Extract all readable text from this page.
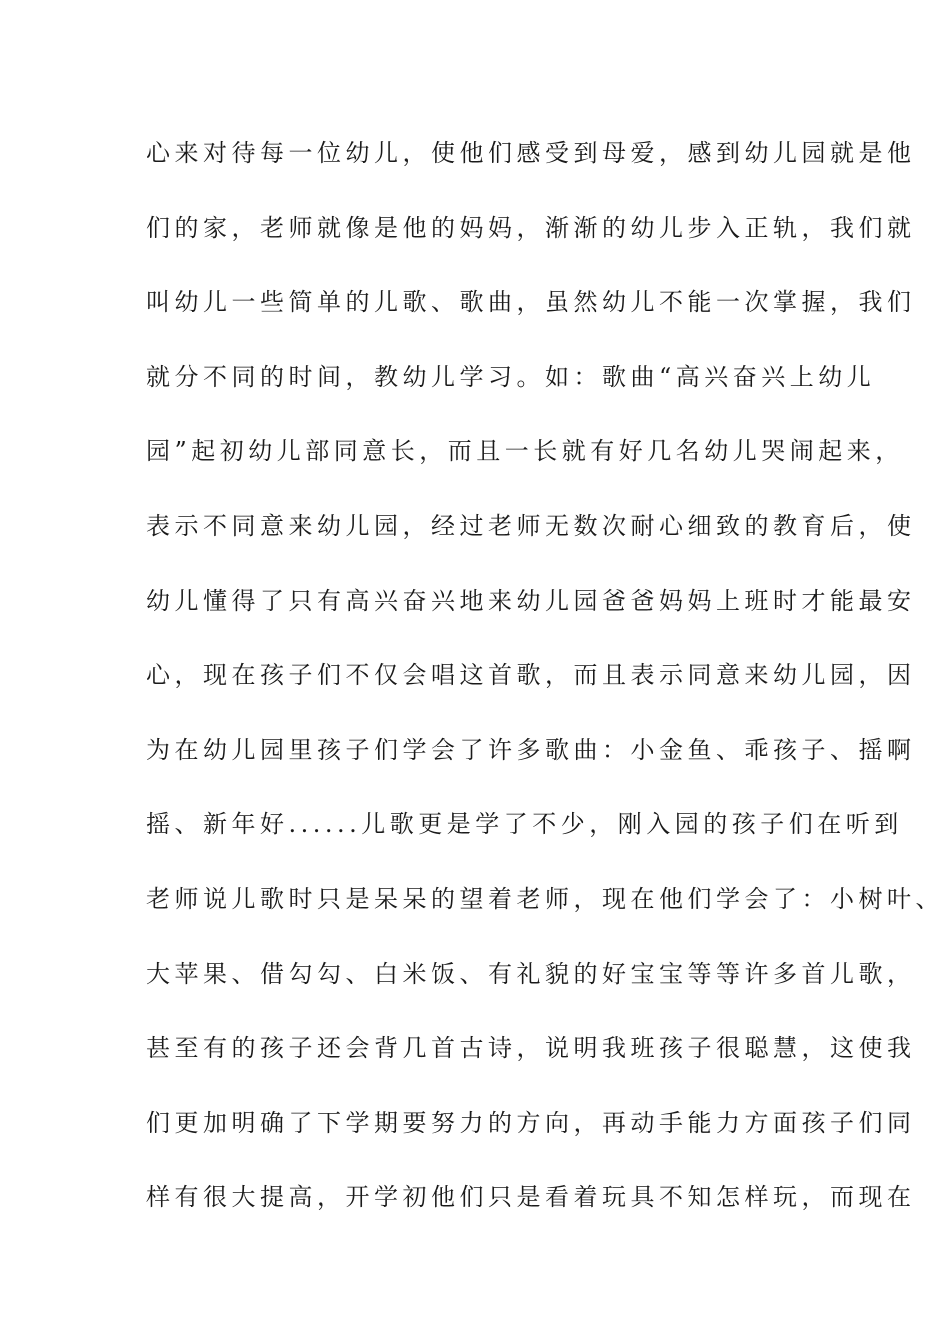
心来对待每一位幼儿，使他们感受到母爱，感到幼儿园就是他
们的家，老师就像是他的妈妈，渐渐的幼儿步入正轨，我们就
叫幼儿一些简单的儿歌、歌曲，虽然幼儿不能一次掌握，我们
就分不同的时间，教幼儿学习。如：歌曲“高兴奋兴上幼儿
园”起初幼儿部同意长，而且一长就有好几名幼儿哭闹起来，
表示不同意来幼儿园，经过老师无数次耐心细致的教育后，使
幼儿懂得了只有高兴奋兴地来幼儿园爸爸妈妈上班时才能最安
心，现在孩子们不仅会唱这首歌，而且表示同意来幼儿园，因
为在幼儿园里孩子们学会了许多歌曲：小金鱼、乖孩子、摇啊
摇、新年好......儿歌更是学了不少，刚入园的孩子们在听到
老师说儿歌时只是呆呆的望着老师，现在他们学会了：小树叶、
大苹果、借勾勾、白米饭、有礼貌的好宝宝等等许多首儿歌，
甚至有的孩子还会背几首古诗，说明我班孩子很聪慧，这使我
们更加明确了下学期要努力的方向，再动手能力方面孩子们同
样有很大提高，开学初他们只是看着玩具不知怎样玩，而现在
